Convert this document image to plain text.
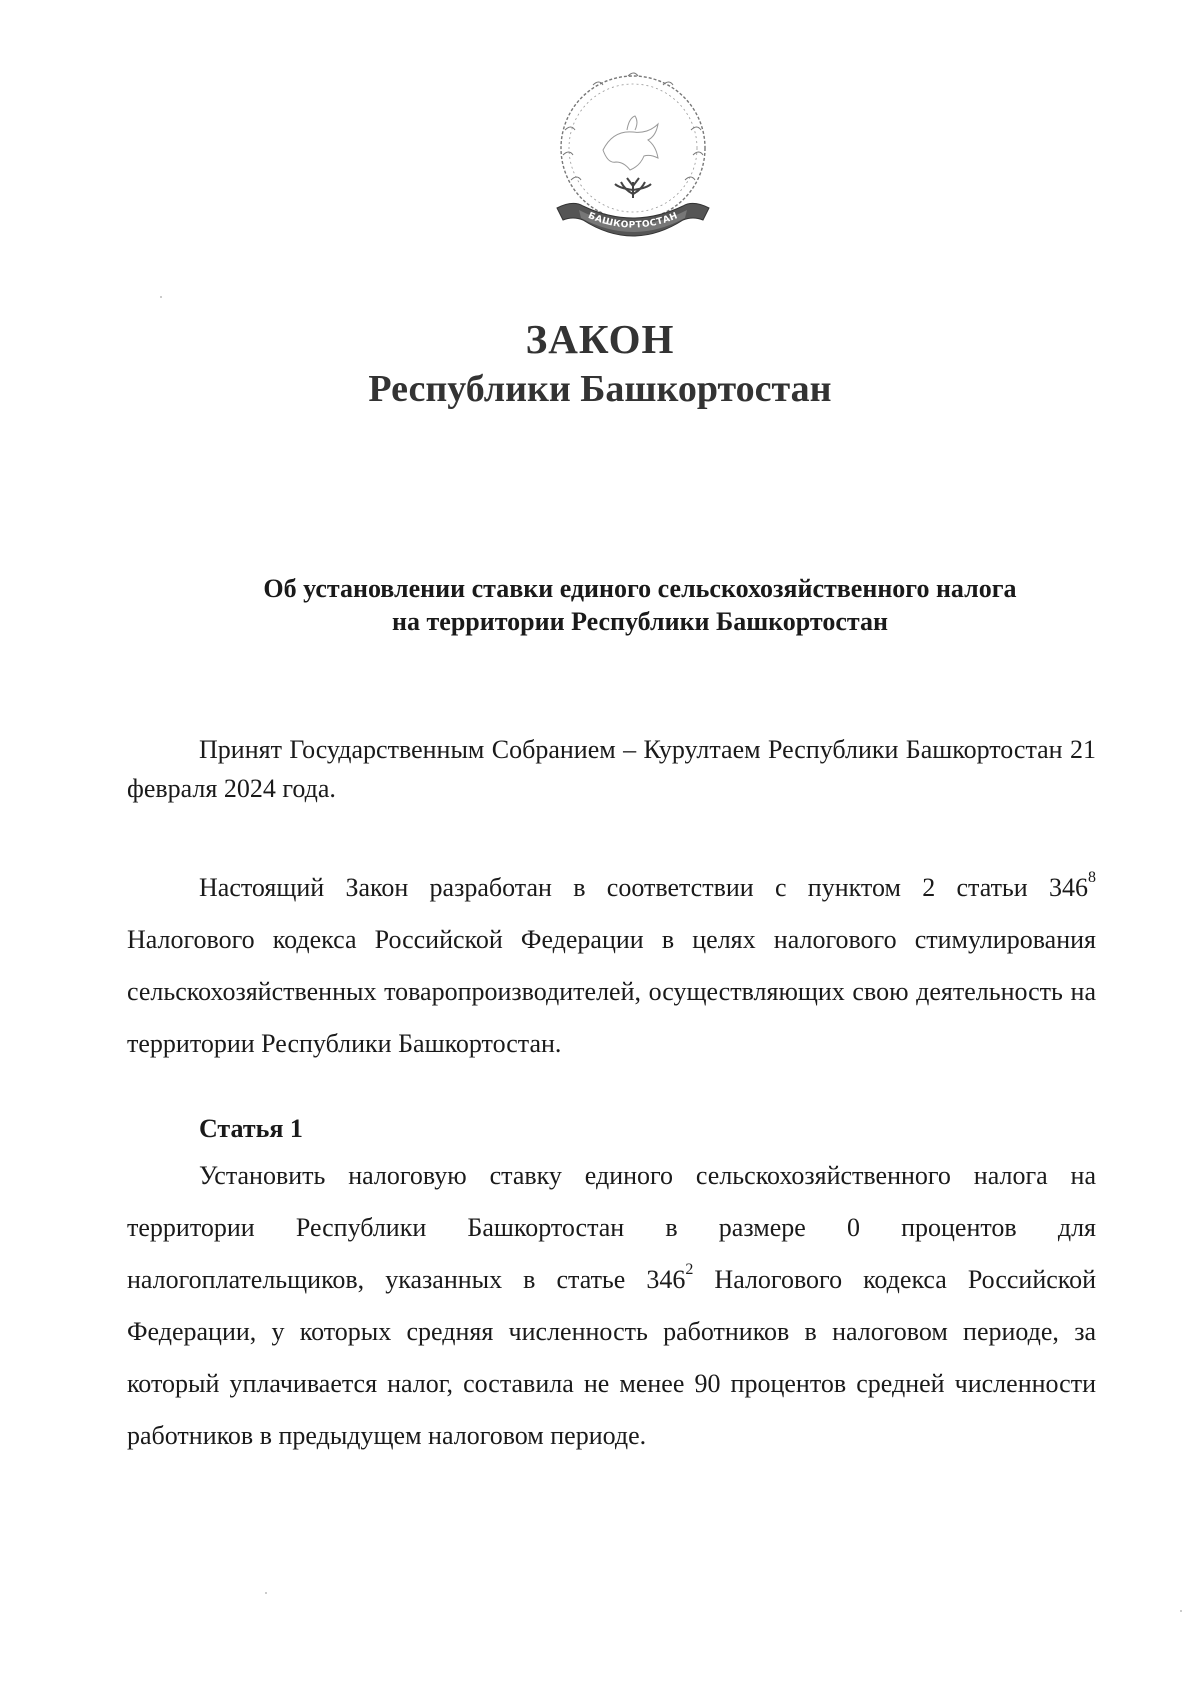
БАШКОРТОСТАН
ЗАКОН
Республики Башкортостан
Об установлении ставки единого сельскохозяйственного налога
на территории Республики Башкортостан
Принят Государственным Собранием – Курултаем Республики Башкортостан 21 февраля 2024 года.
Настоящий Закон разработан в соответствии с пунктом 2 статьи $346^8$ Налогового кодекса Российской Федерации в целях налогового стимулирования сельскохозяйственных товаропроизводителей, осуществляющих свою деятельность на территории Республики Башкортостан.
Статья 1
Установить налоговую ставку единого сельскохозяйственного налога на территории Республики Башкортостан в размере 0 процентов для налогоплательщиков, указанных в статье $346^2$ Налогового кодекса Российской Федерации, у которых средняя численность работников в налоговом периоде, за который уплачивается налог, составила не менее 90 процентов средней численности работников в предыдущем налоговом периоде.
